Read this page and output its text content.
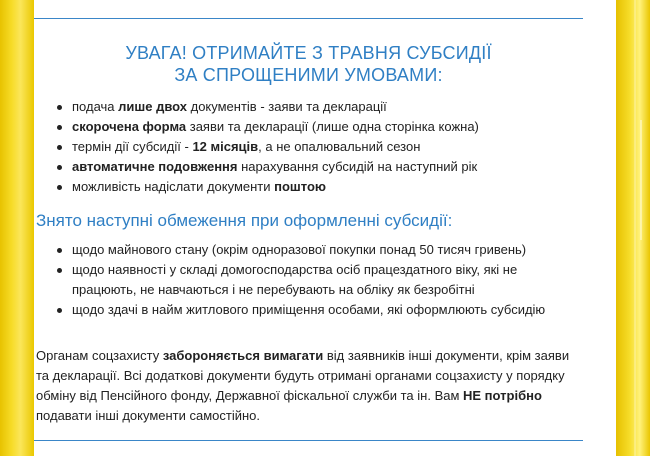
УВАГА! ОТРИМАЙТЕ З ТРАВНЯ СУБСИДІЇ
ЗА СПРОЩЕНИМИ УМОВАМИ:
подача лише двох документів - заяви та декларації
скорочена форма заяви та декларації (лише одна сторінка кожна)
термін дії субсидії - 12 місяців, а не опалювальний сезон
автоматичне подовження нарахування субсидій на наступний рік
можливість надіслати документи поштою
Знято наступні обмеження при оформленні субсидії:
щодо майнового стану (окрім одноразової покупки понад 50 тисяч гривень)
щодо наявності у складі домогосподарства осіб працездатного віку, які не працюють, не навчаються і не перебувають на обліку як безробітні
щодо здачі в найм житлового приміщення особами, які оформлюють субсидію
Органам соцзахисту забороняється вимагати від заявників інші документи, крім заяви та декларації. Всі додаткові документи будуть отримані органами соцзахисту у порядку обміну від Пенсійного фонду, Державної фіскальної служби та ін. Вам НЕ потрібно подавати інші документи самостійно.
